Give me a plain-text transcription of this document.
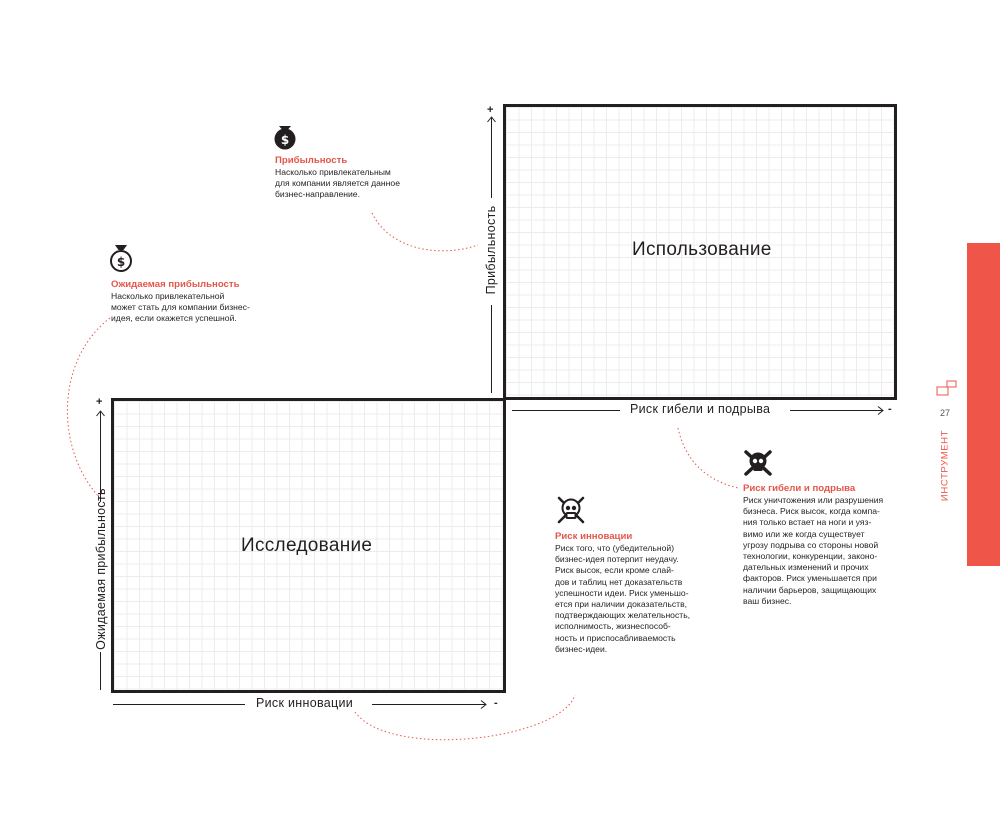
Использование
Исследование
+
Прибыльность
+
Ожидаемая прибыльность
Риск гибели и подрыва	-
Риск инновации	-
$
Прибыльность
Насколько привлекательным
для компании является данное
бизнес-направление.
$
Ожидаемая прибыльность
Насколько привлекательной
может стать для компании бизнес-
идея, если окажется успешной.
Риск гибели и подрыва
Риск уничтожения или разрушения
бизнеса. Риск высок, когда компа-
ния только встает на ноги и уяз-
вимо или же когда существует
угрозу подрыва со стороны новой
технологии, конкуренции, законо-
дательных изменений и прочих
факторов. Риск уменьшается при
наличии барьеров, защищающих
ваш бизнес.
Риск инновации
Риск того, что (убедительной)
бизнес-идея потерпит неудачу.
Риск высок, если кроме слай-
дов и таблиц нет доказательств
успешности идеи. Риск уменьшо-
ется при наличии доказательств,
подтверждающих желательность,
исполнимость, жизнеспособ-
ность и приспосабливаемость
бизнес-идеи.
27
ИНСТРУМЕНТ
